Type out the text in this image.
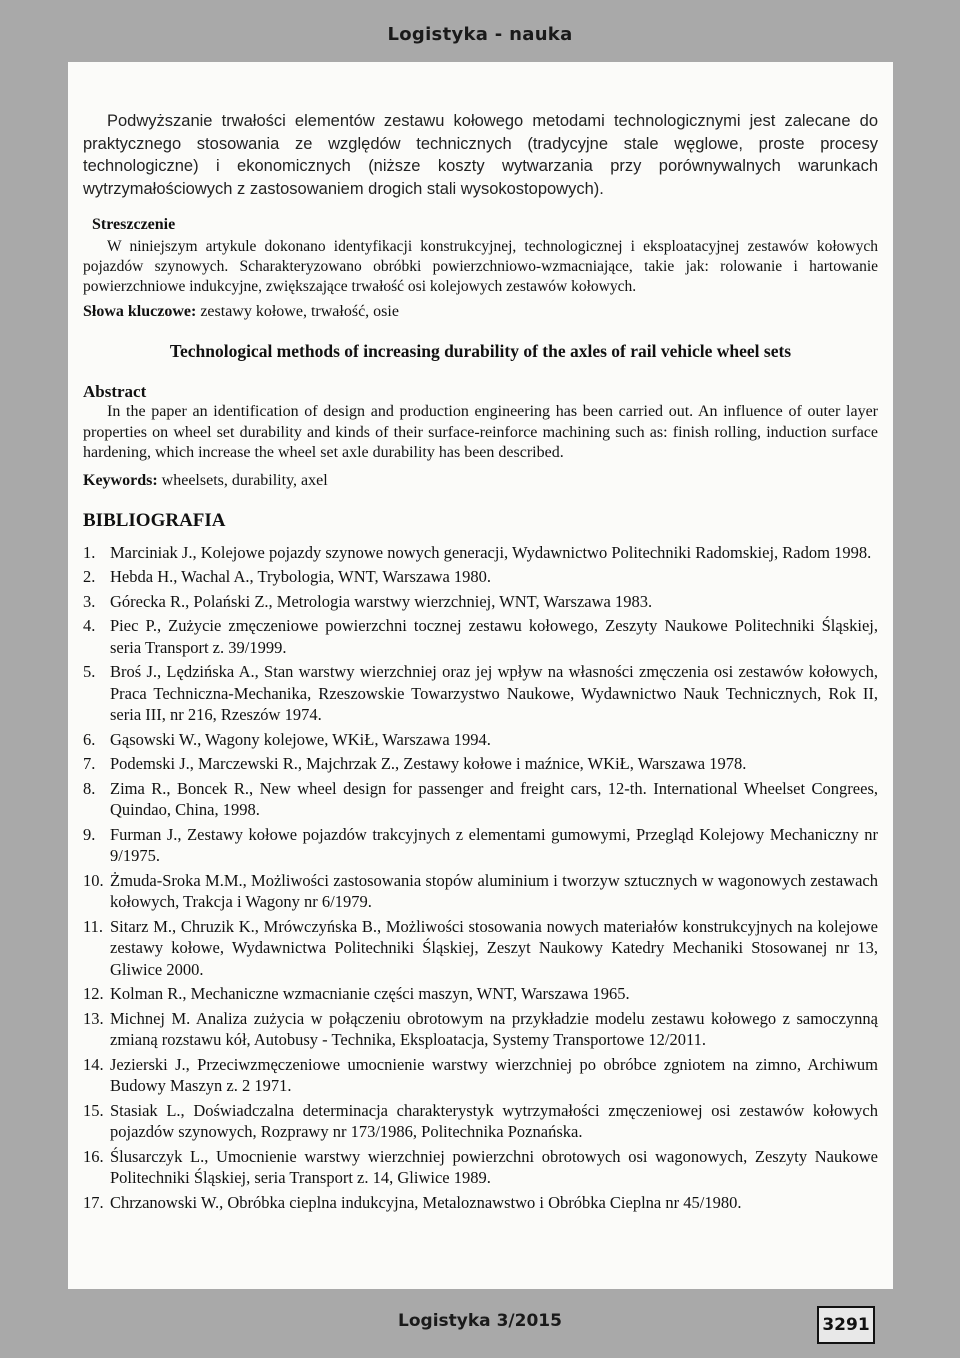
Logistyka - nauka

Podwyższanie trwałości elementów zestawu kołowego metodami technologicznymi jest zalecane do praktycznego stosowania ze względów technicznych (tradycyjne stale węglowe, proste procesy technologiczne) i ekonomicznych (niższe koszty wytwarzania przy porównywalnych warunkach wytrzymałościowych z zastosowaniem drogich stali wysokostopowych).

Streszczenie

W niniejszym artykule dokonano identyfikacji konstrukcyjnej, technologicznej i eksploatacyjnej zestawów kołowych pojazdów szynowych. Scharakteryzowano obróbki powierzchniowo-wzmacniające, takie jak: rolowanie i hartowanie powierzchniowe indukcyjne, zwiększające trwałość osi kolejowych zestawów kołowych.

Słowa kluczowe: zestawy kołowe, trwałość, osie

Technological methods of increasing durability of the axles of rail vehicle wheel sets

Abstract

In the paper an identification of design and production engineering has been carried out. An influence of outer layer properties on wheel set durability and kinds of their surface-reinforce machining such as: finish rolling, induction surface hardening, which increase the wheel set axle durability has been described.

Keywords: wheelsets, durability, axel

BIBLIOGRAFIA

1. Marciniak J., Kolejowe pojazdy szynowe nowych generacji, Wydawnictwo Politechniki Radomskiej, Radom 1998.
2. Hebda H., Wachal A., Trybologia, WNT, Warszawa 1980.
3. Górecka R., Polański Z., Metrologia warstwy wierzchniej, WNT, Warszawa 1983.
4. Piec P., Zużycie zmęczeniowe powierzchni tocznej zestawu kołowego, Zeszyty Naukowe Politechniki Śląskiej, seria Transport z. 39/1999.
5. Broś J., Lędzińska A., Stan warstwy wierzchniej oraz jej wpływ na własności zmęczenia osi zestawów kołowych, Praca Techniczna-Mechanika, Rzeszowskie Towarzystwo Naukowe, Wydawnictwo Nauk Technicznych, Rok II, seria III, nr 216, Rzeszów 1974.
6. Gąsowski W., Wagony kolejowe, WKiŁ, Warszawa 1994.
7. Podemski J., Marczewski R., Majchrzak Z., Zestawy kołowe i maźnice, WKiŁ, Warszawa 1978.
8. Zima R., Boncek R., New wheel design for passenger and freight cars, 12-th. International Wheelset Congrees, Quindao, China, 1998.
9. Furman J., Zestawy kołowe pojazdów trakcyjnych z elementami gumowymi, Przegląd Kolejowy Mechaniczny nr 9/1975.
10. Żmuda-Sroka M.M., Możliwości zastosowania stopów aluminium i tworzyw sztucznych w wagonowych zestawach kołowych, Trakcja i Wagony nr 6/1979.
11. Sitarz M., Chruzik K., Mrówczyńska B., Możliwości stosowania nowych materiałów konstrukcyjnych na kolejowe zestawy kołowe, Wydawnictwa Politechniki Śląskiej, Zeszyt Naukowy Katedry Mechaniki Stosowanej nr 13, Gliwice 2000.
12. Kolman R., Mechaniczne wzmacnianie części maszyn, WNT, Warszawa 1965.
13. Michnej M. Analiza zużycia w połączeniu obrotowym na przykładzie modelu zestawu kołowego z samoczynną zmianą rozstawu kół, Autobusy - Technika, Eksploatacja, Systemy Transportowe 12/2011.
14. Jezierski J., Przeciwzmęczeniowe umocnienie warstwy wierzchniej po obróbce zgniotem na zimno, Archiwum Budowy Maszyn z. 2 1971.
15. Stasiak L., Doświadczalna determinacja charakterystyk wytrzymałości zmęczeniowej osi zestawów kołowych pojazdów szynowych, Rozprawy nr 173/1986, Politechnika Poznańska.
16. Ślusarczyk L., Umocnienie warstwy wierzchniej powierzchni obrotowych osi wagonowych, Zeszyty Naukowe Politechniki Śląskiej, seria Transport z. 14, Gliwice 1989.
17. Chrzanowski W., Obróbka cieplna indukcyjna, Metaloznawstwo i Obróbka Cieplna nr 45/1980.
Logistyka 3/2015	3291
